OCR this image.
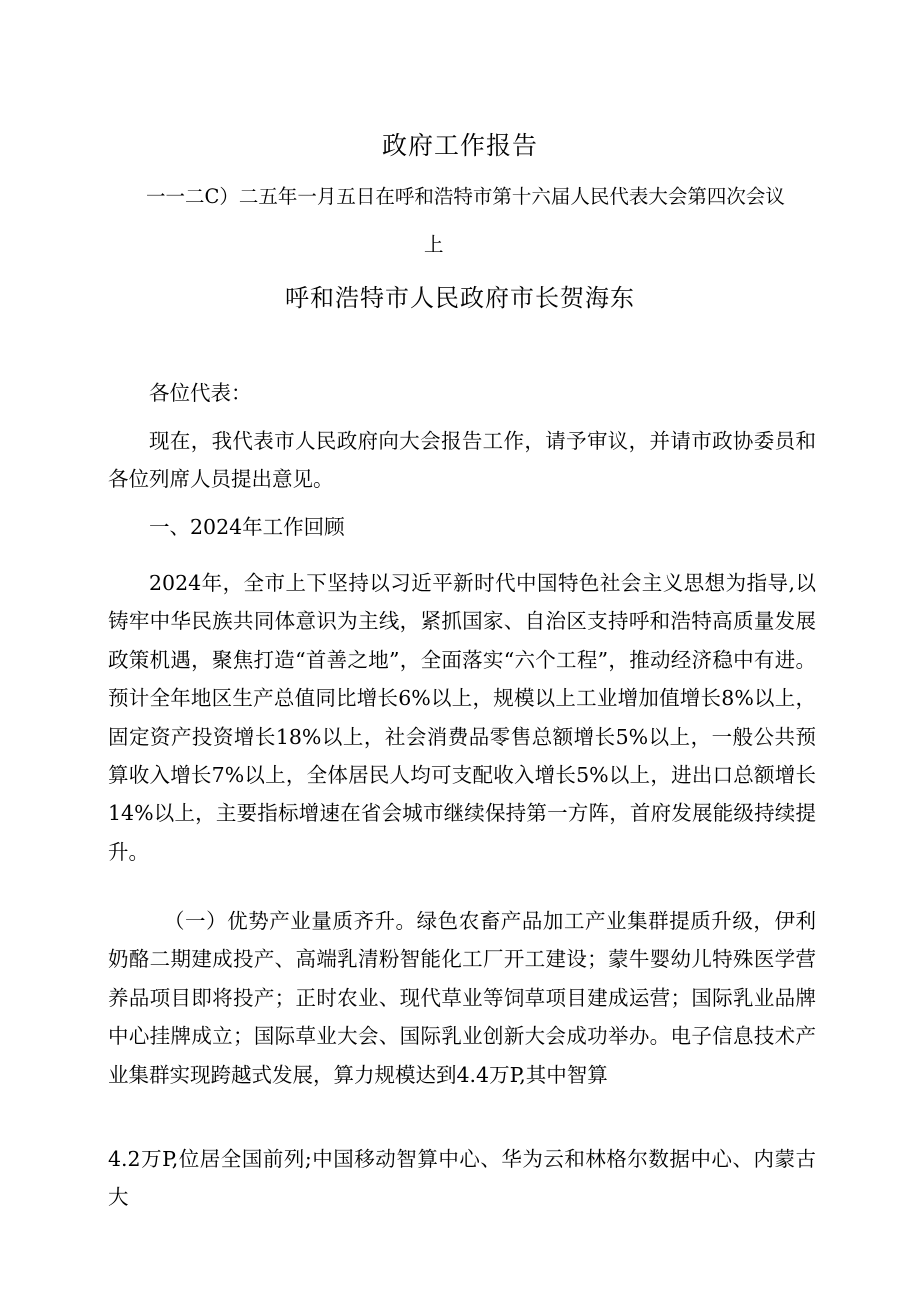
政府工作报告
一一二C）二五年一月五日在呼和浩特市第十六届人民代表大会第四次会议
上
呼和浩特市人民政府市长贺海东
各位代表：
现在，我代表市人民政府向大会报告工作，请予审议，并请市政协委员和各位列席人员提出意见。
一、2024年工作回顾
2024年，全市上下坚持以习近平新时代中国特色社会主义思想为指导,以铸牢中华民族共同体意识为主线，紧抓国家、自治区支持呼和浩特高质量发展政策机遇，聚焦打造“首善之地”，全面落实“六个工程”，推动经济稳中有进。预计全年地区生产总值同比增长6%以上，规模以上工业增加值增长8%以上，固定资产投资增长18%以上，社会消费品零售总额增长5%以上，一般公共预算收入增长7%以上，全体居民人均可支配收入增长5%以上，进出口总额增长14%以上，主要指标增速在省会城市继续保持第一方阵，首府发展能级持续提升。
（一）优势产业量质齐升。绿色农畜产品加工产业集群提质升级，伊利奶酪二期建成投产、高端乳清粉智能化工厂开工建设；蒙牛婴幼儿特殊医学营养品项目即将投产；正时农业、现代草业等饲草项目建成运营；国际乳业品牌中心挂牌成立；国际草业大会、国际乳业创新大会成功举办。电子信息技术产业集群实现跨越式发展，算力规模达到4.4万P,其中智算
4.2万P,位居全国前列;中国移动智算中心、华为云和林格尔数据中心、内蒙古大
